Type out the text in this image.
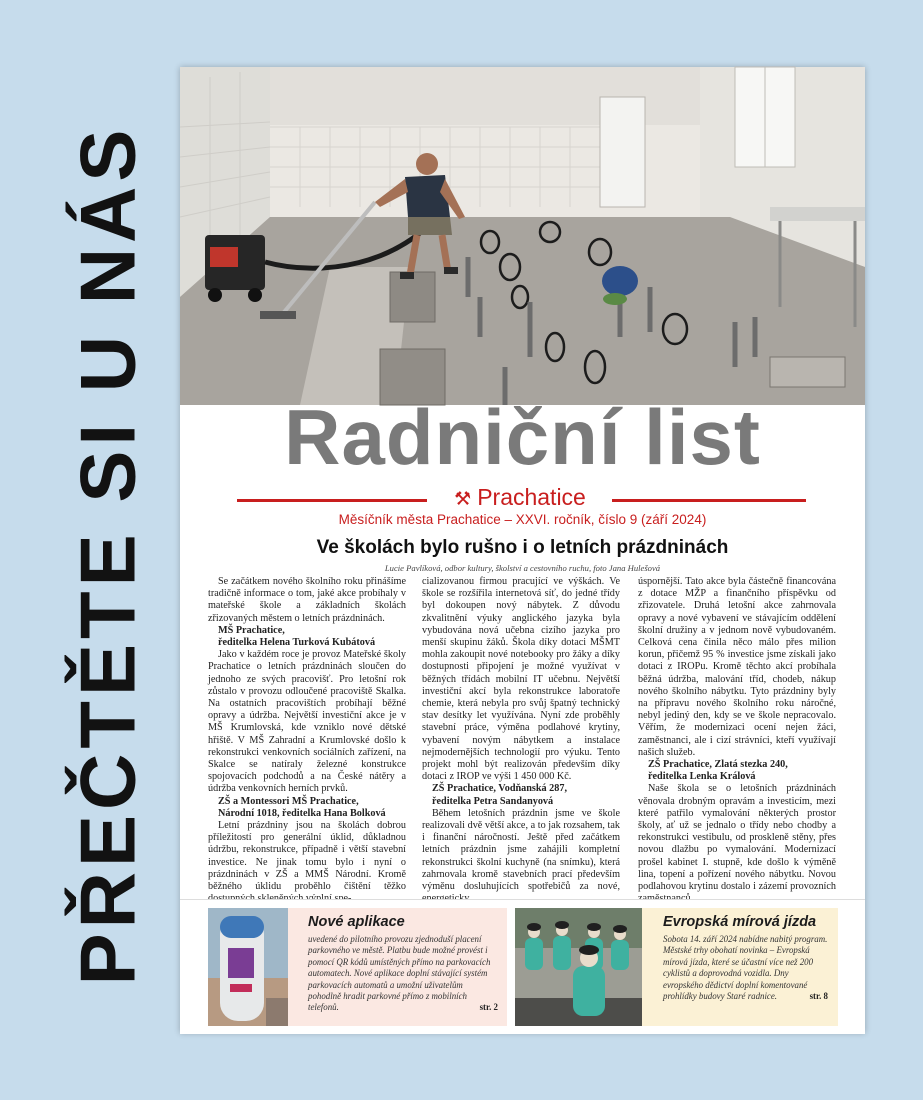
PŘEČTĚTE SI U NÁS	Radniční list
⚒ Prachatice
Měsíčník města Prachatice – XXVI. ročník, číslo 9 (září 2024)
Ve školách bylo rušno i o letních prázdninách
Lucie Pavlíková, odbor kultury, školství a cestovního ruchu, foto Jana Hulešová

Se začátkem nového školního roku přinášíme tradičně informace o tom, jaké akce probíhaly v mateřské škole a základních školách zřizovaných městem o letních prázdninách.

MŠ Prachatice,

ředitelka Helena Turková Kubátová

Jako v každém roce je provoz Mateřské školy Prachatice o letních prázdninách sloučen do jednoho ze svých pracovišť. Pro letošní rok zůstalo v provozu odloučené pracoviště Skalka. Na ostatních pracovištích probíhají běžné opravy a údržba. Největší investiční akce je v MŠ Krumlovská, kde vzniklo nové dětské hřiště. V MŠ Zahradní a Krumlovské došlo k rekonstrukci venkovních sociálních zařízení, na Skalce se natíraly železné konstrukce spojovacích podchodů a na České nátěry a údržba venkovních herních prvků.

ZŠ a Montessori MŠ Prachatice,

Národní 1018, ředitelka Hana Bolková

Letní prázdniny jsou na školách dobrou příležitostí pro generální úklid, důkladnou údržbu, rekonstrukce, případně i větší stavební investice. Ne jinak tomu bylo i nyní o prázdninách v ZŠ a MMŠ Národní. Kromě běžného úklidu proběhlo čištění těžko

cializovanou firmou pracující ve výškách. Ve škole se rozšířila internetová síť, do jedné třídy byl dokoupen nový nábytek. Z důvodu zkvalitnění výuky anglického jazyka byla vybudována nová učebna cizího jazyka pro menší skupinu žáků. Škola díky dotaci MŠMT mohla zakoupit nové notebooky pro žáky a díky dostupnosti připojení je možné využívat v běžných třídách mobilní IT učebnu. Největší investiční akcí byla rekonstrukce laboratoře chemie, která nebyla pro svůj špatný technický stav desítky let využívána. Nyní zde proběhly stavební práce, výměna podlahové krytiny, vybavení novým nábytkem a instalace nejmodernějších technologií pro výuku. Tento projekt mohl být realizován především díky dotaci z IROP ve výši 1 450 000 Kč.

ZŠ Prachatice, Vodňanská 287,

ředitelka Petra Sandanyová

Během letošních prázdnin jsme ve škole realizovali dvě větší akce, a to jak rozsahem, tak i finanční náročností. Ještě před začátkem letních prázdnin jsme zahájili kompletní rekonstrukci školní kuchyně (na snímku), která zahrnovala kromě stavebních prací především výměnu dosluhujících spotřebičů za nové,

úspornější. Tato akce byla částečně financována z dotace MŽP a finančního příspěvku od zřizovatele. Druhá letošní akce zahrnovala opravy a nové vybavení ve stávajícím oddělení školní družiny a v jednom nově vybudovaném. Celková cena činila něco málo přes milion korun, přičemž 95 % investice jsme získali jako dotaci z IROPu. Kromě těchto akcí probíhala běžná údržba, malování tříd, chodeb, nákup nového školního nábytku. Tyto prázdniny byly na přípravu nového školního roku náročné, nebyl jediný den, kdy se ve škole nepracovalo. Věřím, že modernizaci ocení nejen žáci, zaměstnanci, ale i cizí strávníci, kteří využívají našich služeb.

ZŠ Prachatice, Zlatá stezka 240,

ředitelka Lenka Králová

Naše škola se o letošních prázdninách věnovala drobným opravám a investicím, mezi které patřilo vymalování některých prostor školy, ať už se jednalo o třídy nebo chodby a rekonstrukci vestibulu, od proskleně stěny, přes novou dlažbu po vymalování. Modernizací prošel kabinet I. stupně, kde došlo k výměně lina, topení a pořízení nového nábytku. Novou podlahovou krytinu dostalo i zázemí provozních

Nové aplikace
uvedené do pilotního provozu zjednoduší placení parkovného ve městě. Platbu bude možné provést i pomocí QR kódů umístěných přímo na parkovacích automatech. Nové aplikace doplní stávající systém parkovacích automatů a umožní uživatelům pohodlně hradit parkovné přímo z mobilních telefonů.	str. 2
Evropská mírová jízda
Sobota 14. září 2024 nabídne nabitý program. Městské trhy obohatí novinka – Evropská mírová jízda, které se účastní více než 200 cyklistů a doprovodná vozidla. Dny evropského dědictví doplní komentované prohlídky budovy Staré radnice.	str. 8
